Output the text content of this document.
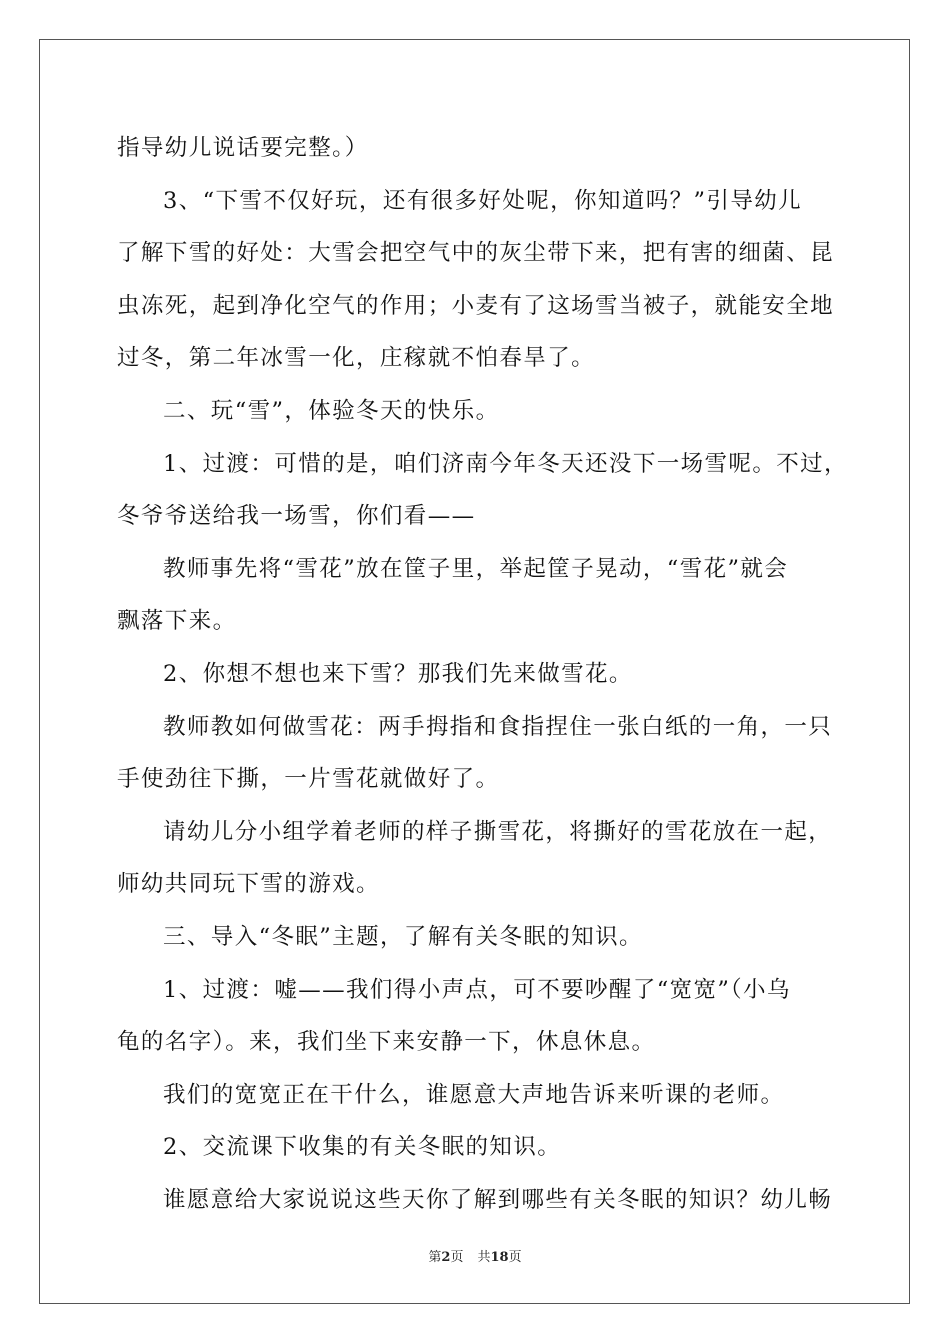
指导幼儿说话要完整。）
3、“下雪不仅好玩，还有很多好处呢，你知道吗？”引导幼儿
了解下雪的好处：大雪会把空气中的灰尘带下来，把有害的细菌、昆
虫冻死，起到净化空气的作用；小麦有了这场雪当被子，就能安全地
过冬，第二年冰雪一化，庄稼就不怕春旱了。
二、玩“雪”，体验冬天的快乐。
1、过渡：可惜的是，咱们济南今年冬天还没下一场雪呢。不过，
冬爷爷送给我一场雪，你们看——
教师事先将“雪花”放在筐子里，举起筐子晃动，“雪花”就会
飘落下来。
2、你想不想也来下雪？那我们先来做雪花。
教师教如何做雪花：两手拇指和食指捏住一张白纸的一角，一只
手使劲往下撕，一片雪花就做好了。
请幼儿分小组学着老师的样子撕雪花，将撕好的雪花放在一起，
师幼共同玩下雪的游戏。
三、导入“冬眠”主题，了解有关冬眠的知识。
1、过渡：嘘——我们得小声点，可不要吵醒了“宽宽”（小乌
龟的名字）。来，我们坐下来安静一下，休息休息。
我们的宽宽正在干什么，谁愿意大声地告诉来听课的老师。
2、交流课下收集的有关冬眠的知识。
谁愿意给大家说说这些天你了解到哪些有关冬眠的知识？幼儿畅
第2页 共18页
